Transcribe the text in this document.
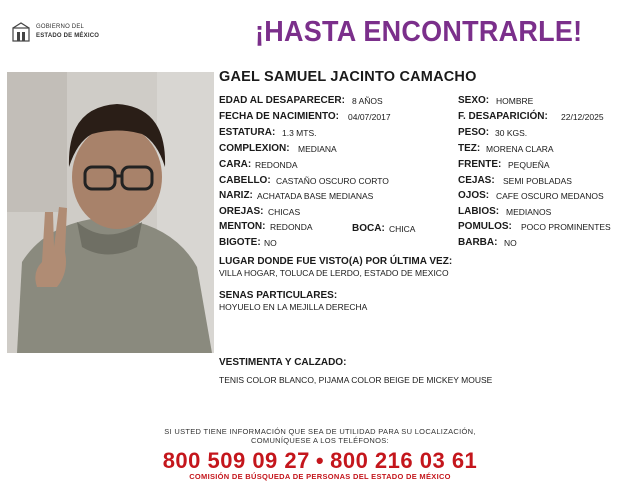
GOBIERNO DEL
ESTADO DE MÉXICO	¡HASTA ENCONTRARLE!
GAEL SAMUEL JACINTO CAMACHO
EDAD AL DESAPARECER: 8 AÑOS
FECHA DE NACIMIENTO: 04/07/2017
ESTATURA: 1.3 MTS.
COMPLEXION: MEDIANA
CARA: REDONDA
CABELLO: CASTAÑO OSCURO CORTO
NARIZ: ACHATADA BASE MEDIANAS
OREJAS: CHICAS
MENTON: REDONDA	BOCA: CHICA
BIGOTE: NO
SEXO: HOMBRE
F. DESAPARICIÓN: 22/12/2025
PESO: 30 KGS.
TEZ: MORENA CLARA
FRENTE: PEQUEÑA
CEJAS: SEMI POBLADAS
OJOS: CAFE OSCURO MEDANOS
LABIOS: MEDIANOS
POMULOS: POCO PROMINENTES
BARBA: NO
LUGAR DONDE FUE VISTO(A) POR ÚLTIMA VEZ:
VILLA HOGAR, TOLUCA DE LERDO, ESTADO DE MEXICO
SENAS PARTICULARES:
HOYUELO EN LA MEJILLA DERECHA
VESTIMENTA Y CALZADO:
TENIS COLOR BLANCO, PIJAMA COLOR BEIGE DE MICKEY MOUSE
SI USTED TIENE INFORMACIÓN QUE SEA DE UTILIDAD PARA SU LOCALIZACIÓN,
COMUNÍQUESE A LOS TELÉFONOS:
800 509 09 27 • 800 216 03 61
COMISIÓN DE BÚSQUEDA DE PERSONAS DEL ESTADO DE MÉXICO
